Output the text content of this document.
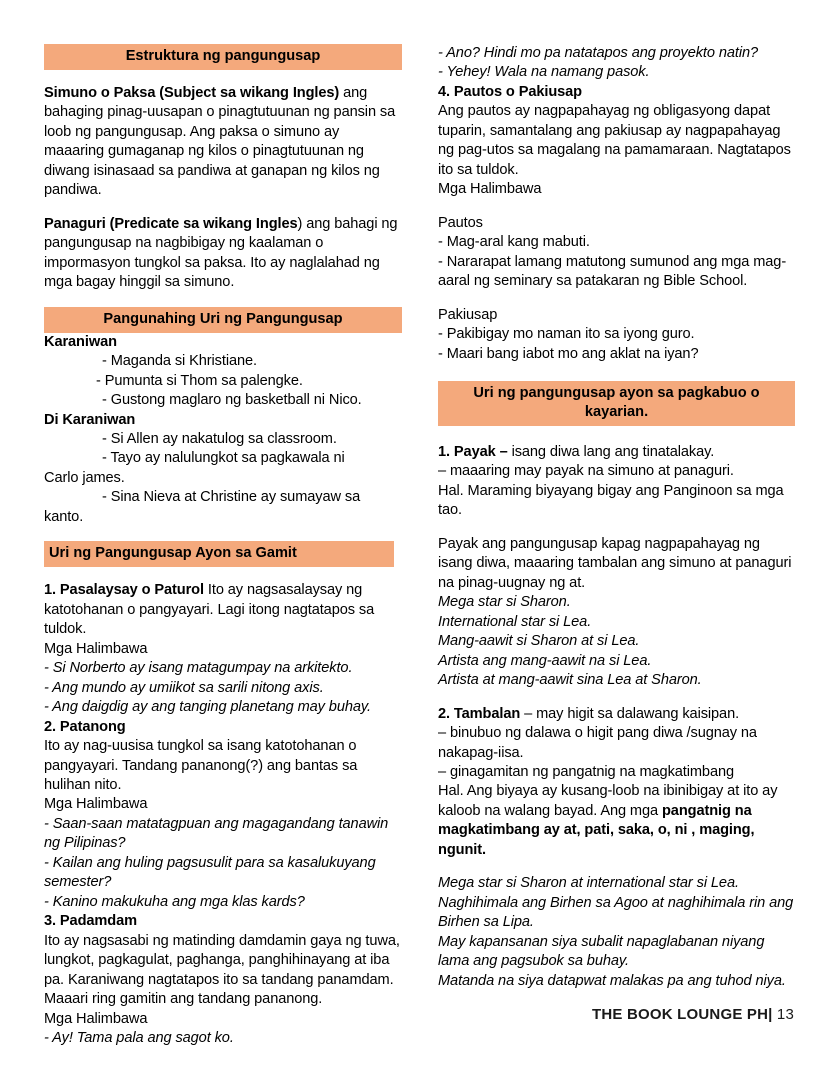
Estruktura ng pangungusap

Simuno o Paksa (Subject sa wikang Ingles) ang bahaging pinag-uusapan o pinagtutuunan ng pansin sa loob ng pangungusap. Ang paksa o simuno ay maaaring gumaganap ng kilos o pinagtutuunan ng diwang isinasaad sa pandiwa at ganapan ng kilos ng pandiwa.

Panaguri (Predicate sa wikang Ingles) ang bahagi ng pangungusap na nagbibigay ng kaalaman o impormasyon tungkol sa paksa. Ito ay naglalahad ng mga bagay hinggil sa simuno.

Pangunahing Uri ng Pangungusap

Karaniwan

- Maganda si Khristiane.

- Pumunta si Thom sa palengke.

- Gustong maglaro ng basketball ni Nico.

Di Karaniwan

- Si Allen ay nakatulog sa classroom.

- Tayo ay nalulungkot sa pagkawala ni

Carlo james.

- Sina Nieva at Christine ay sumayaw sa

kanto.

Uri ng Pangungusap Ayon sa Gamit

1. Pasalaysay o Paturol Ito ay nagsasalaysay ng katotohanan o pangyayari. Lagi itong nagtatapos sa tuldok.

Mga Halimbawa

- Si Norberto ay isang matagumpay na arkitekto.

- Ang mundo ay umiikot sa sarili nitong axis.

- Ang daigdig ay ang tanging planetang may buhay.

2. Patanong

Ito ay nag-uusisa tungkol sa isang katotohanan o pangyayari. Tandang pananong(?) ang bantas sa hulihan nito.

Mga Halimbawa

- Saan-saan matatagpuan ang magagandang tanawin ng Pilipinas?

- Kailan ang huling pagsusulit para sa kasalukuyang semester?

- Kanino makukuha ang mga klas kards?

3. Padamdam

Ito ay nagsasabi ng matinding damdamin gaya ng tuwa, lungkot, pagkagulat, paghanga, panghihinayang at iba pa. Karaniwang nagtatapos ito sa tandang panamdam. Maaari ring gamitin ang tandang pananong.

Mga Halimbawa

- Ay! Tama pala ang sagot ko.

- Ano? Hindi mo pa natatapos ang proyekto natin?

- Yehey! Wala na namang pasok.

4. Pautos o Pakiusap

Ang pautos ay nagpapahayag ng obligasyong dapat tuparin, samantalang ang pakiusap ay nagpapahayag ng pag-utos sa magalang na pamamaraan. Nagtatapos ito sa tuldok.

Mga Halimbawa

Pautos

- Mag-aral kang mabuti.

- Nararapat lamang matutong sumunod ang mga mag-aaral ng seminary sa patakaran ng Bible School.

Pakiusap

- Pakibigay mo naman ito sa iyong guro.

- Maari bang iabot mo ang aklat na iyan?

Uri ng pangungusap ayon sa pagkabuo o kayarian.

1. Payak – isang diwa lang ang tinatalakay.

– maaaring may payak na simuno at panaguri.

Hal. Maraming biyayang bigay ang Panginoon sa mga tao.

Payak ang pangungusap kapag nagpapahayag ng isang diwa, maaaring tambalan ang simuno at panaguri na pinag-uugnay ng at.

Mega star si Sharon.

International star si Lea.

Mang-aawit si Sharon at si Lea.

Artista ang mang-aawit na si Lea.

Artista at mang-aawit sina Lea at Sharon.

2. Tambalan – may higit sa dalawang kaisipan.

– binubuo ng dalawa o higit pang diwa /sugnay na nakapag-iisa.

– ginagamitan ng pangatnig na magkatimbang

Hal. Ang biyaya ay kusang-loob na ibinibigay at ito ay kaloob na walang bayad. Ang mga pangatnig na magkatimbang ay at, pati, saka, o, ni , maging, ngunit.

Mega star si Sharon at international star si Lea.

Naghihimala ang Birhen sa Agoo at naghihimala rin ang Birhen sa Lipa.

May kapansanan siya subalit napaglabanan niyang lama ang pagsubok sa buhay.

Matanda na siya datapwat malakas pa ang tuhod niya.

THE BOOK LOUNGE PH| 13
